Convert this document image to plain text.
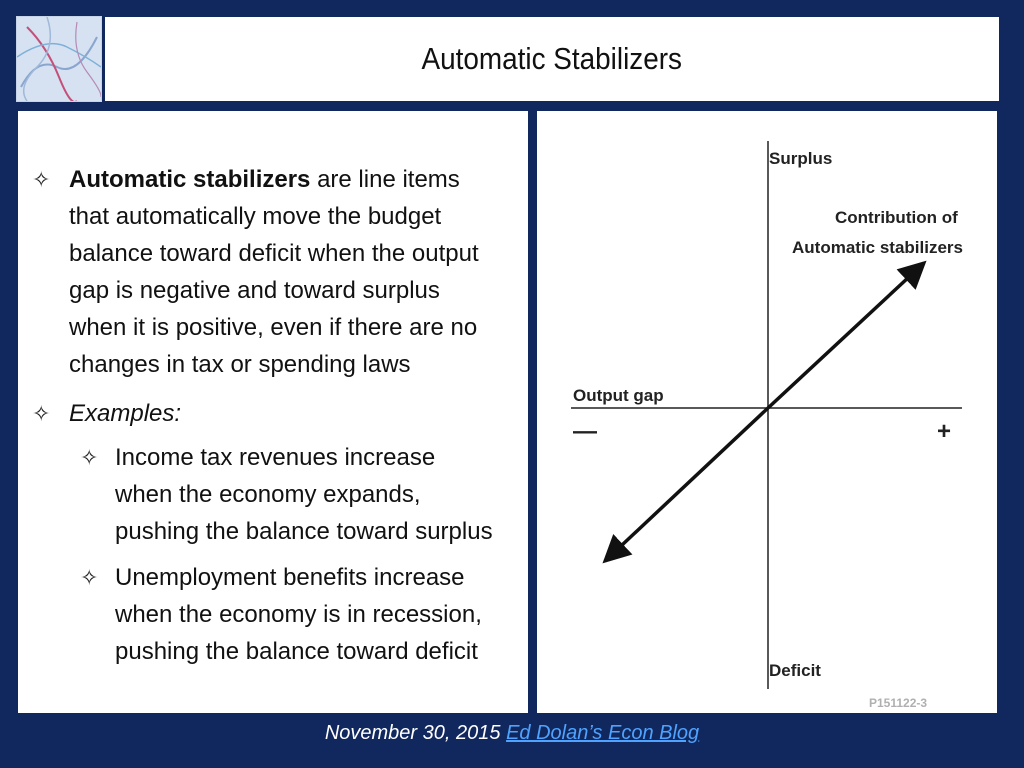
Automatic Stabilizers
✧ Automatic stabilizers are line items
that automatically move the budget
balance toward deficit when the output
gap is negative and toward surplus
when it is positive, even if there are no
changes in tax or spending laws
✧ Examples:
✧ Income tax revenues increase
when the economy expands,
pushing the balance toward surplus
✧ Unemployment benefits increase
when the economy is in recession,
pushing the balance toward deficit
Surplus
Deficit
Output gap
—	+
Contribution of
Automatic stabilizers
P151122-3
November 30, 2015 Ed Dolan’s Econ Blog
